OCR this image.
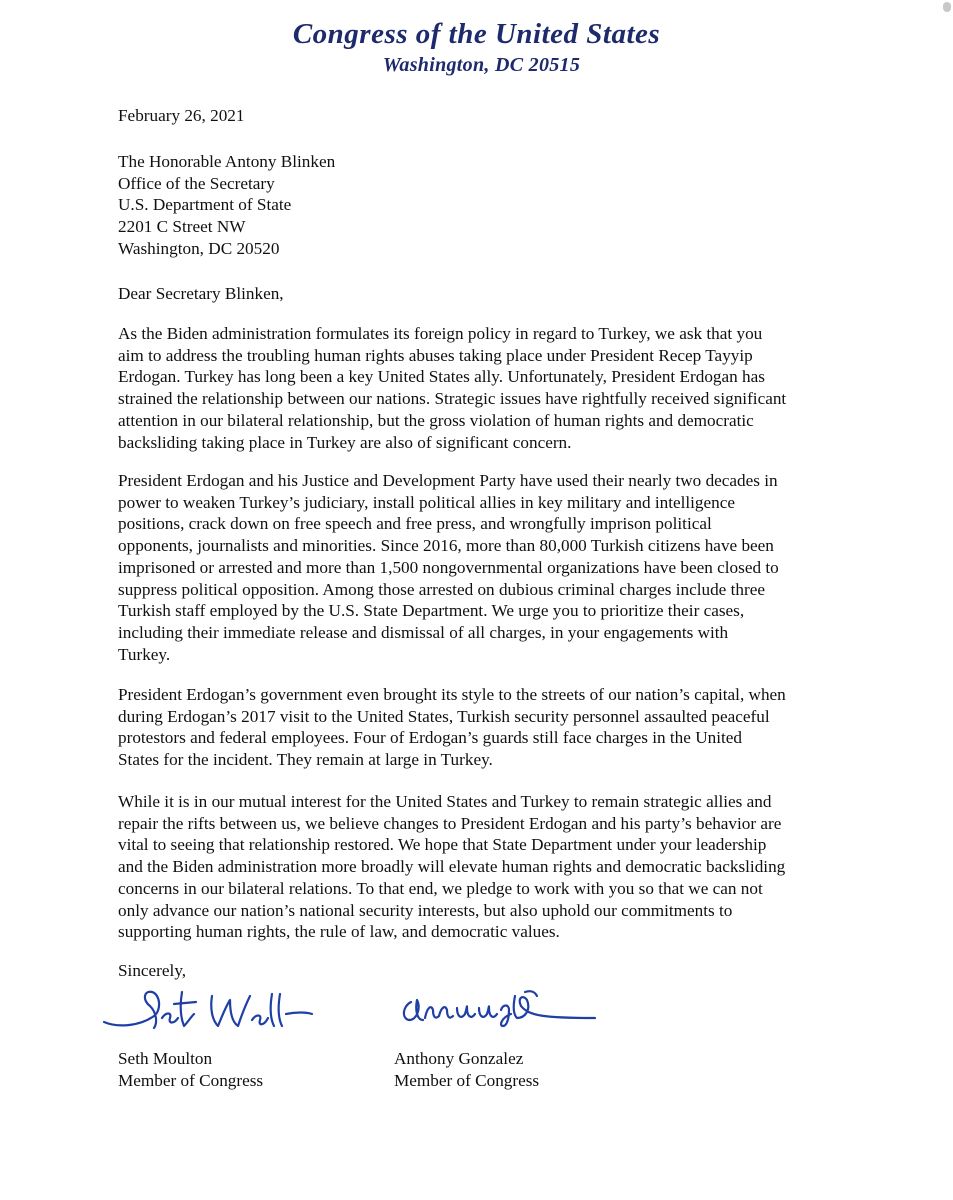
Congress of the United States
Washington, DC 20515
February 26, 2021
The Honorable Antony Blinken
Office of the Secretary
U.S. Department of State
2201 C Street NW
Washington, DC 20520
Dear Secretary Blinken,
As the Biden administration formulates its foreign policy in regard to Turkey, we ask that you
aim to address the troubling human rights abuses taking place under President Recep Tayyip
Erdogan. Turkey has long been a key United States ally. Unfortunately, President Erdogan has
strained the relationship between our nations. Strategic issues have rightfully received significant
attention in our bilateral relationship, but the gross violation of human rights and democratic
backsliding taking place in Turkey are also of significant concern.
President Erdogan and his Justice and Development Party have used their nearly two decades in
power to weaken Turkey’s judiciary, install political allies in key military and intelligence
positions, crack down on free speech and free press, and wrongfully imprison political
opponents, journalists and minorities. Since 2016, more than 80,000 Turkish citizens have been
imprisoned or arrested and more than 1,500 nongovernmental organizations have been closed to
suppress political opposition. Among those arrested on dubious criminal charges include three
Turkish staff employed by the U.S. State Department. We urge you to prioritize their cases,
including their immediate release and dismissal of all charges, in your engagements with
Turkey.
President Erdogan’s government even brought its style to the streets of our nation’s capital, when
during Erdogan’s 2017 visit to the United States, Turkish security personnel assaulted peaceful
protestors and federal employees. Four of Erdogan’s guards still face charges in the United
States for the incident. They remain at large in Turkey.
While it is in our mutual interest for the United States and Turkey to remain strategic allies and
repair the rifts between us, we believe changes to President Erdogan and his party’s behavior are
vital to seeing that relationship restored. We hope that State Department under your leadership
and the Biden administration more broadly will elevate human rights and democratic backsliding
concerns in our bilateral relations. To that end, we pledge to work with you so that we can not
only advance our nation’s national security interests, but also uphold our commitments to
supporting human rights, the rule of law, and democratic values.
Sincerely,
Seth Moulton
Member of Congress
Anthony Gonzalez
Member of Congress
